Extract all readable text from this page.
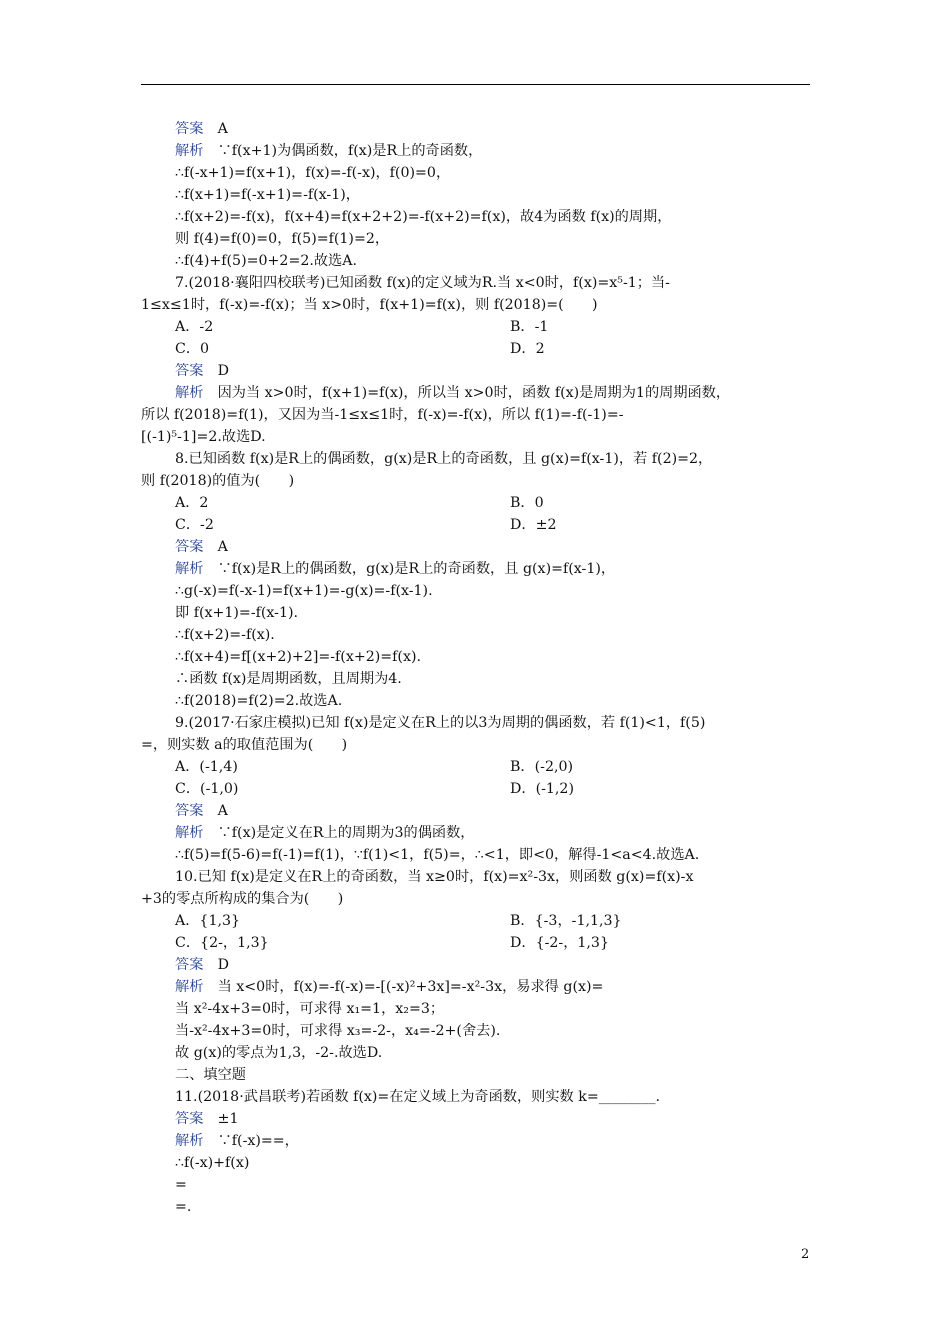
答案　 A
解析　 ∵f(x+1)为偶函数，f(x)是R上的奇函数，
∴f(-x+1)=f(x+1)，f(x)=-f(-x)，f(0)=0，
∴f(x+1)=f(-x+1)=-f(x-1)，
∴f(x+2)=-f(x)，f(x+4)=f(x+2+2)=-f(x+2)=f(x)，故4为函数 f(x)的周期，
则 f(4)=f(0)=0，f(5)=f(1)=2，
∴f(4)+f(5)=0+2=2.故选A.
7.(2018·襄阳四校联考)已知函数 f(x)的定义域为R.当 x<0时，f(x)=x⁵-1；当-
1≤x≤1时，f(-x)=-f(x)；当 x>0时，f(x+1)=f(x)，则 f(2018)=(　　)
A．-2	B．-1
C．0	D．2
答案　 D
解析　 因为当 x>0时，f(x+1)=f(x)，所以当 x>0时，函数 f(x)是周期为1的周期函数，
所以 f(2018)=f(1)，又因为当-1≤x≤1时，f(-x)=-f(x)，所以 f(1)=-f(-1)=-
[(-1)⁵-1]=2.故选D.
8.已知函数 f(x)是R上的偶函数，g(x)是R上的奇函数，且 g(x)=f(x-1)，若 f(2)=2，
则 f(2018)的值为(　　)
A．2	B．0
C．-2	D．±2
答案　 A
解析　 ∵f(x)是R上的偶函数，g(x)是R上的奇函数，且 g(x)=f(x-1)，
∴g(-x)=f(-x-1)=f(x+1)=-g(x)=-f(x-1).
即 f(x+1)=-f(x-1).
∴f(x+2)=-f(x).
∴f(x+4)=f[(x+2)+2]=-f(x+2)=f(x).
∴函数 f(x)是周期函数，且周期为4.
∴f(2018)=f(2)=2.故选A.
9.(2017·石家庄模拟)已知 f(x)是定义在R上的以3为周期的偶函数，若 f(1)<1，f(5)
=，则实数 a的取值范围为(　　)
A．(-1,4)	B．(-2,0)
C．(-1,0)	D．(-1,2)
答案　 A
解析　 ∵f(x)是定义在R上的周期为3的偶函数，
∴f(5)=f(5-6)=f(-1)=f(1)，∵f(1)<1，f(5)=，∴<1，即<0，解得-1<a<4.故选A.
10.已知 f(x)是定义在R上的奇函数，当 x≥0时，f(x)=x²-3x，则函数 g(x)=f(x)-x
+3的零点所构成的集合为(　　)
A．{1,3}	B．{-3，-1,1,3}
C．{2-，1,3}	D．{-2-，1,3}
答案　 D
解析　 当 x<0时，f(x)=-f(-x)=-[(-x)²+3x]=-x²-3x，易求得 g(x)=
当 x²-4x+3=0时，可求得 x₁=1，x₂=3；
当-x²-4x+3=0时，可求得 x₃=-2-，x₄=-2+(舍去).
故 g(x)的零点为1,3，-2-.故选D.
二、填空题
11.(2018·武昌联考)若函数 f(x)=在定义域上为奇函数，则实数 k=________.
答案　 ±1
解析　 ∵f(-x)==，
∴f(-x)+f(x)
=
=.
2
